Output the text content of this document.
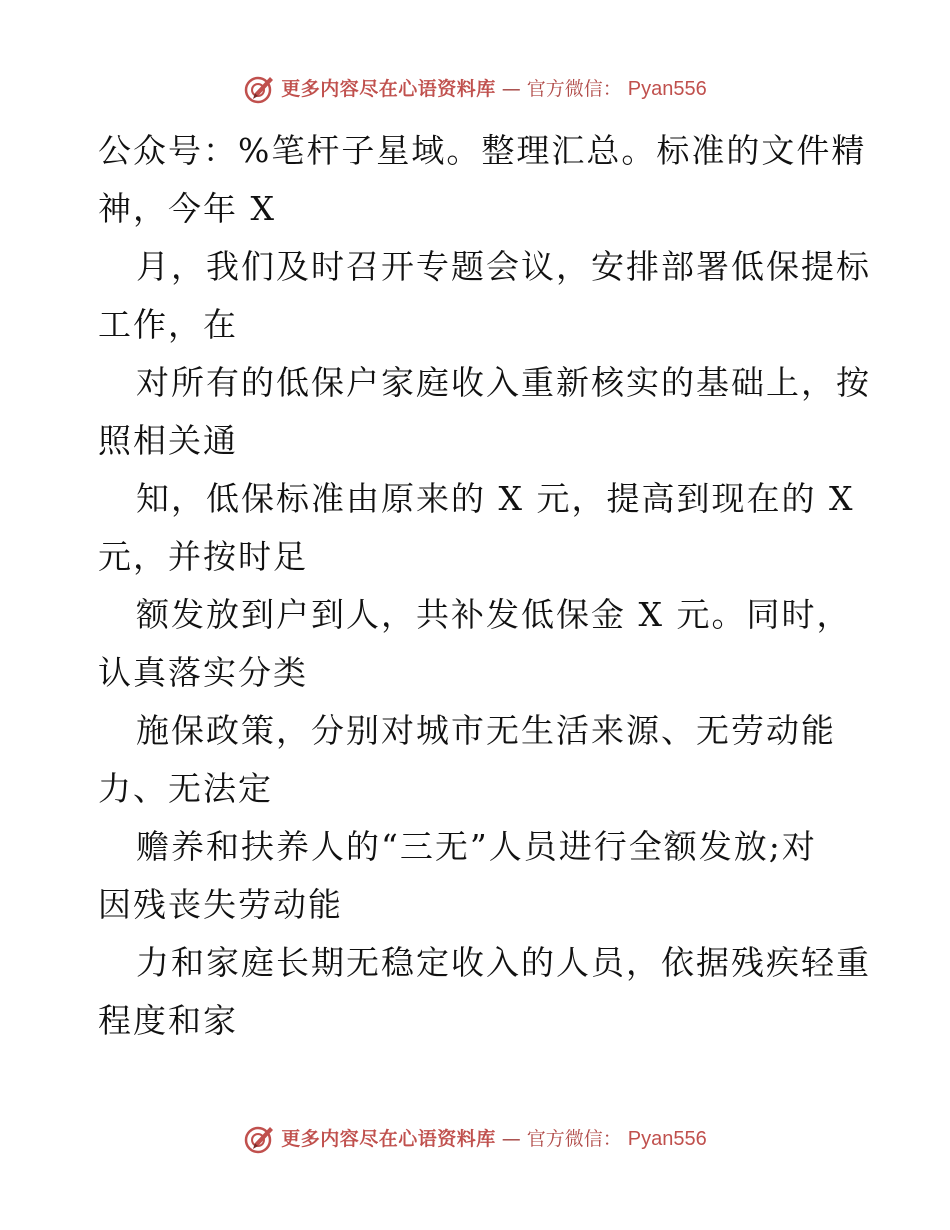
更多内容尽在心语资料库 — 官方微信： Pyan556
公众号：%笔杆子星域。整理汇总。标准的文件精
神，今年 X
月，我们及时召开专题会议，安排部署低保提标
工作，在
对所有的低保户家庭收入重新核实的基础上，按
照相关通
知，低保标准由原来的 X 元，提高到现在的 X
元，并按时足
额发放到户到人，共补发低保金 X 元。同时，
认真落实分类
施保政策，分别对城市无生活来源、无劳动能
力、无法定
赡养和扶养人的“三无”人员进行全额发放;对
因残丧失劳动能
力和家庭长期无稳定收入的人员，依据残疾轻重
程度和家
更多内容尽在心语资料库 — 官方微信： Pyan556
